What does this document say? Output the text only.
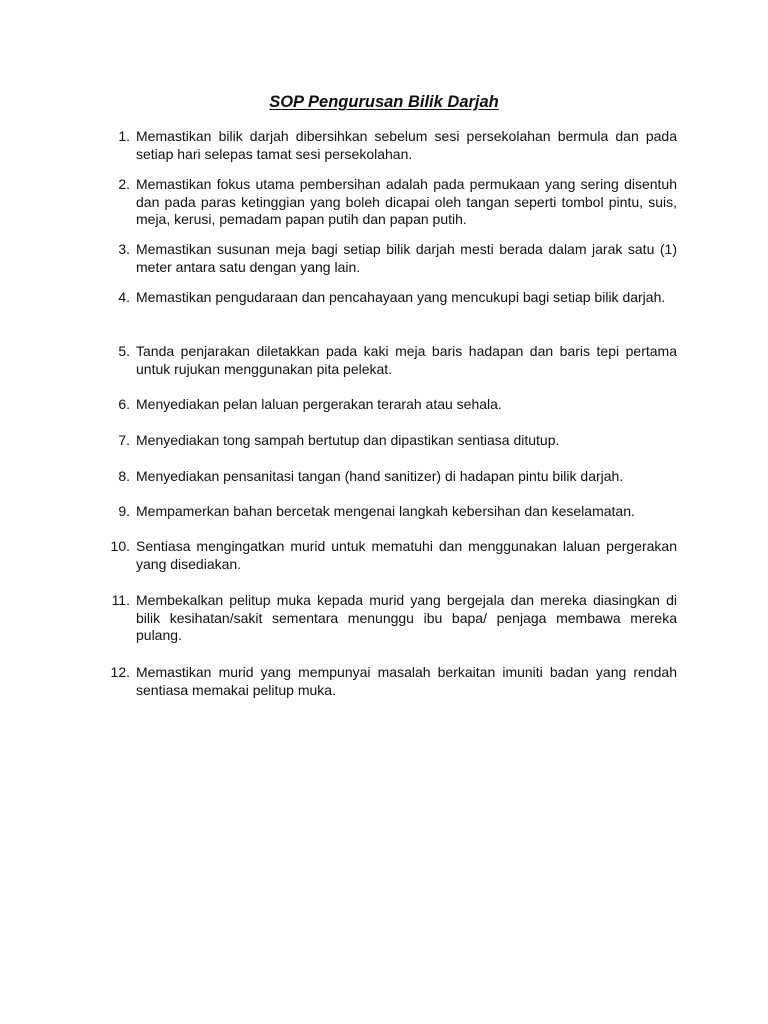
SOP Pengurusan Bilik Darjah
1. Memastikan bilik darjah dibersihkan sebelum sesi persekolahan bermula dan pada setiap hari selepas tamat sesi persekolahan.
2. Memastikan fokus utama pembersihan adalah pada permukaan yang sering disentuh dan pada paras ketinggian yang boleh dicapai oleh tangan seperti tombol pintu, suis, meja, kerusi, pemadam papan putih dan papan putih.
3. Memastikan susunan meja bagi setiap bilik darjah mesti berada dalam jarak satu (1) meter antara satu dengan yang lain.
4. Memastikan pengudaraan dan pencahayaan yang mencukupi bagi setiap bilik darjah.
5. Tanda penjarakan diletakkan pada kaki meja baris hadapan dan baris tepi pertama untuk rujukan menggunakan pita pelekat.
6. Menyediakan pelan laluan pergerakan terarah atau sehala.
7. Menyediakan tong sampah bertutup dan dipastikan sentiasa ditutup.
8. Menyediakan pensanitasi tangan (hand sanitizer) di hadapan pintu bilik darjah.
9. Mempamerkan bahan bercetak mengenai langkah kebersihan dan keselamatan.
10. Sentiasa mengingatkan murid untuk mematuhi dan menggunakan laluan pergerakan yang disediakan.
11. Membekalkan pelitup muka kepada murid yang bergejala dan mereka diasingkan di bilik kesihatan/sakit sementara menunggu ibu bapa/ penjaga membawa mereka pulang.
12. Memastikan murid yang mempunyai masalah berkaitan imuniti badan yang rendah sentiasa memakai pelitup muka.
